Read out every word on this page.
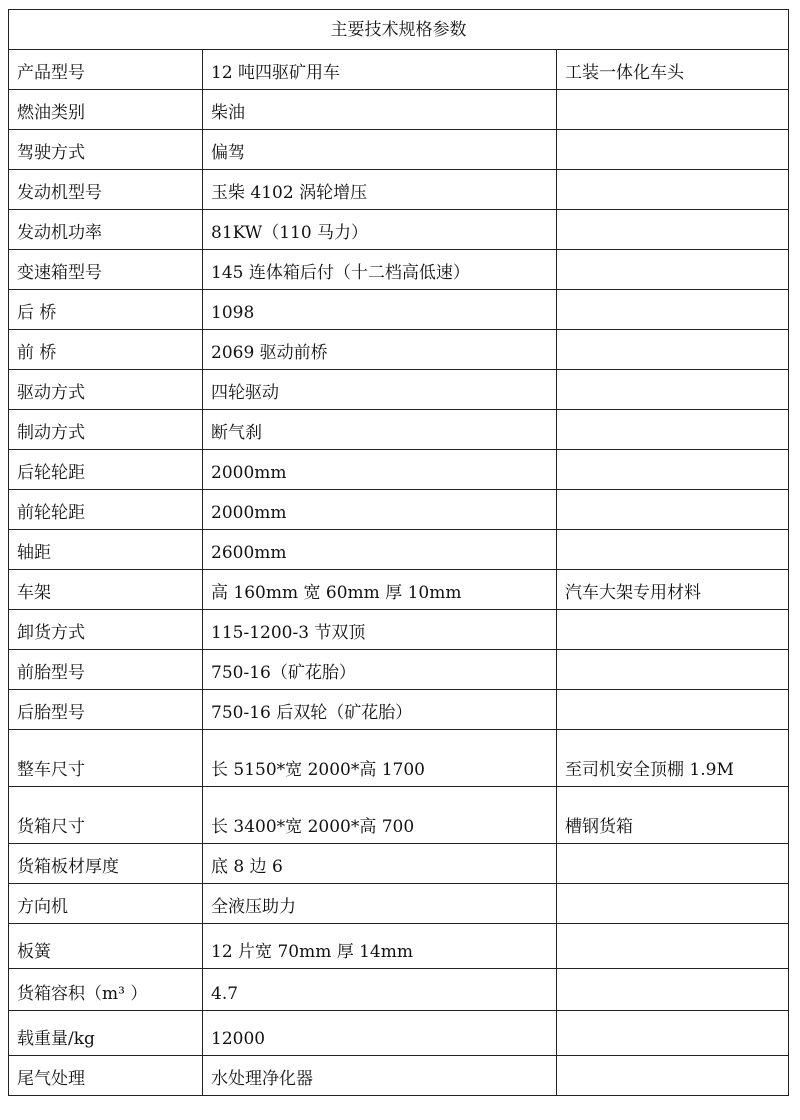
主要技术规格参数		
产品型号	12 吨四驱矿用车	工装一体化车头
燃油类别	柴油	
驾驶方式	偏驾	
发动机型号	玉柴 4102 涡轮增压	
发动机功率	81KW（110 马力）	
变速箱型号	145 连体箱后付（十二档高低速）	
后 桥	1098	
前 桥	2069 驱动前桥	
驱动方式	四轮驱动	
制动方式	断气刹	
后轮轮距	2000mm	
前轮轮距	2000mm	
轴距	2600mm	
车架	高 160mm 宽 60mm 厚 10mm	汽车大架专用材料
卸货方式	115-1200-3 节双顶	
前胎型号	750-16（矿花胎）	
后胎型号	750-16 后双轮（矿花胎）	
整车尺寸	长 5150*宽 2000*高 1700	至司机安全顶棚 1.9M
货箱尺寸	长 3400*宽 2000*高 700	槽钢货箱
货箱板材厚度	底 8 边 6	
方向机	全液压助力	
板簧	12 片宽 70mm 厚 14mm	
货箱容积（m³ ）	4.7	
载重量/kg	12000	
尾气处理	水处理净化器	
